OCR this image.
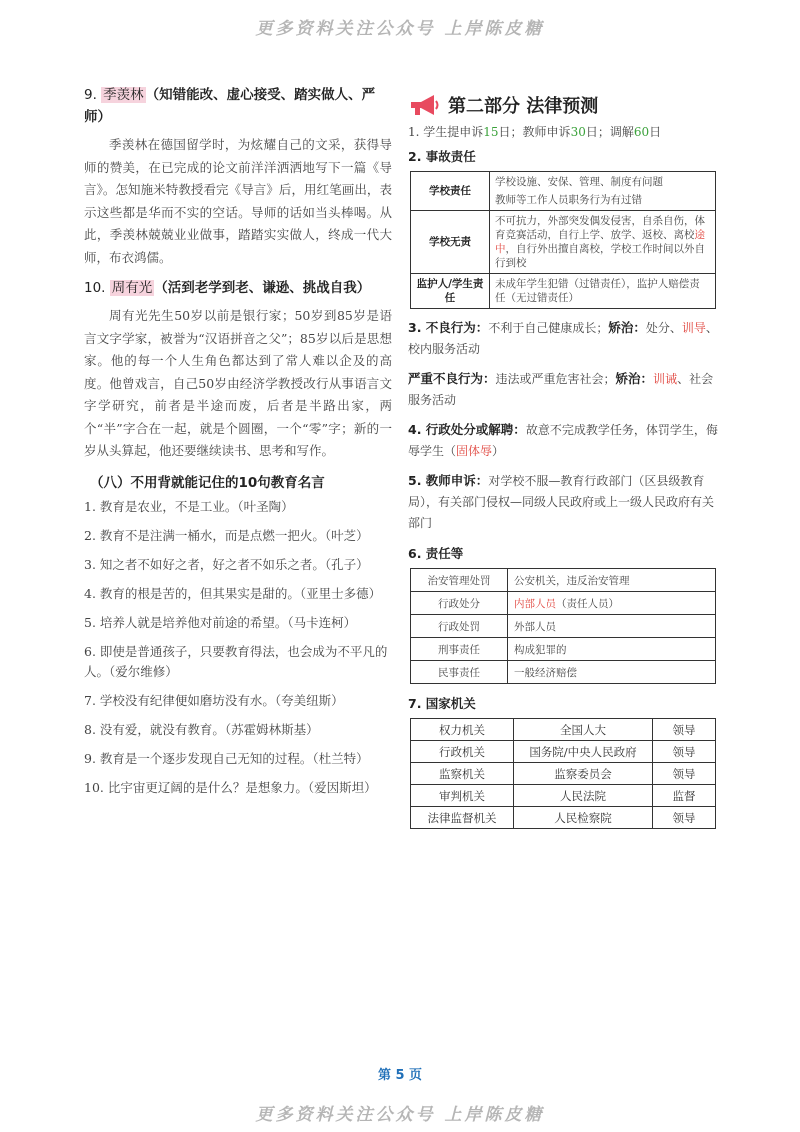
更多资料关注公众号 上岸陈皮糖
9. 季羡林 （知错能改、虚心接受、踏实做人、严师）

季羡林在德国留学时，为炫耀自己的文采，获得导师的赞美，在已完成的论文前洋洋洒洒地写下一篇《导言》。怎知施米特教授看完《导言》后，用红笔画出，表示这些都是华而不实的空话。导师的话如当头棒喝。从此，季羡林兢兢业业做事，踏踏实实做人，终成一代大师，布衣鸿儒。

10. 周有光 （活到老学到老、谦逊、挑战自我）

周有光先生50岁以前是银行家；50岁到85岁是语言文字学家，被誉为“汉语拼音之父”；85岁以后是思想家。他的每一个人生角色都达到了常人难以企及的高度。他曾戏言，自己50岁由经济学教授改行从事语言文字学研究，前者是半途而废，后者是半路出家，两个“半”字合在一起，就是个圆圈，一个“零”字；新的一岁从头算起，他还要继续读书、思考和写作。

（八）不用背就能记住的10句教育名言
1. 教育是农业，不是工业。（叶圣陶）
2. 教育不是注满一桶水，而是点燃一把火。（叶芝）
3. 知之者不如好之者，好之者不如乐之者。（孔子）
4. 教育的根是苦的，但其果实是甜的。（亚里士多德）
5. 培养人就是培养他对前途的希望。（马卡连柯）
6. 即使是普通孩子，只要教育得法，也会成为不平凡的人。（爱尔维修）
7. 学校没有纪律便如磨坊没有水。（夸美纽斯）
8. 没有爱，就没有教育。（苏霍姆林斯基）
9. 教育是一个逐步发现自己无知的过程。（杜兰特）
10. 比宇宙更辽阔的是什么？是想象力。（爱因斯坦）
第二部分 法律预测
1. 学生提申诉15日；教师申诉30日；调解60日
2. 事故责任
学校责任	学校设施、安保、管理、制度有问题
教师等工作人员职务行为有过错

学校无责	不可抗力，外部突发偶发侵害，自杀自伤，体育竞赛活动，自行上学、放学、返校、离校途中，自行外出擅自离校，学校工作时间以外自行到校
监护人/学生责任	未成年学生犯错（过错责任），监护人赔偿责任（无过错责任）
3. 不良行为：不利于自己健康成长；矫治：处分、训导、校内服务活动
严重不良行为：违法或严重危害社会；矫治：训诫、社会服务活动
4. 行政处分或解聘：故意不完成教学任务，体罚学生，侮辱学生（固体辱）
5. 教师申诉：对学校不服—教育行政部门（区县级教育局），有关部门侵权—同级人民政府或上一级人民政府有关部门
6. 责任等
治安管理处罚	公安机关，违反治安管理
行政处分	内部人员（责任人员）
行政处罚	外部人员
刑事责任	构成犯罪的
民事责任	一般经济赔偿
7. 国家机关
权力机关	全国人大	领导
行政机关	国务院/中央人民政府	领导
监察机关	监察委员会	领导
审判机关	人民法院	监督
法律监督机关	人民检察院	领导
第 5 页
更多资料关注公众号 上岸陈皮糖
